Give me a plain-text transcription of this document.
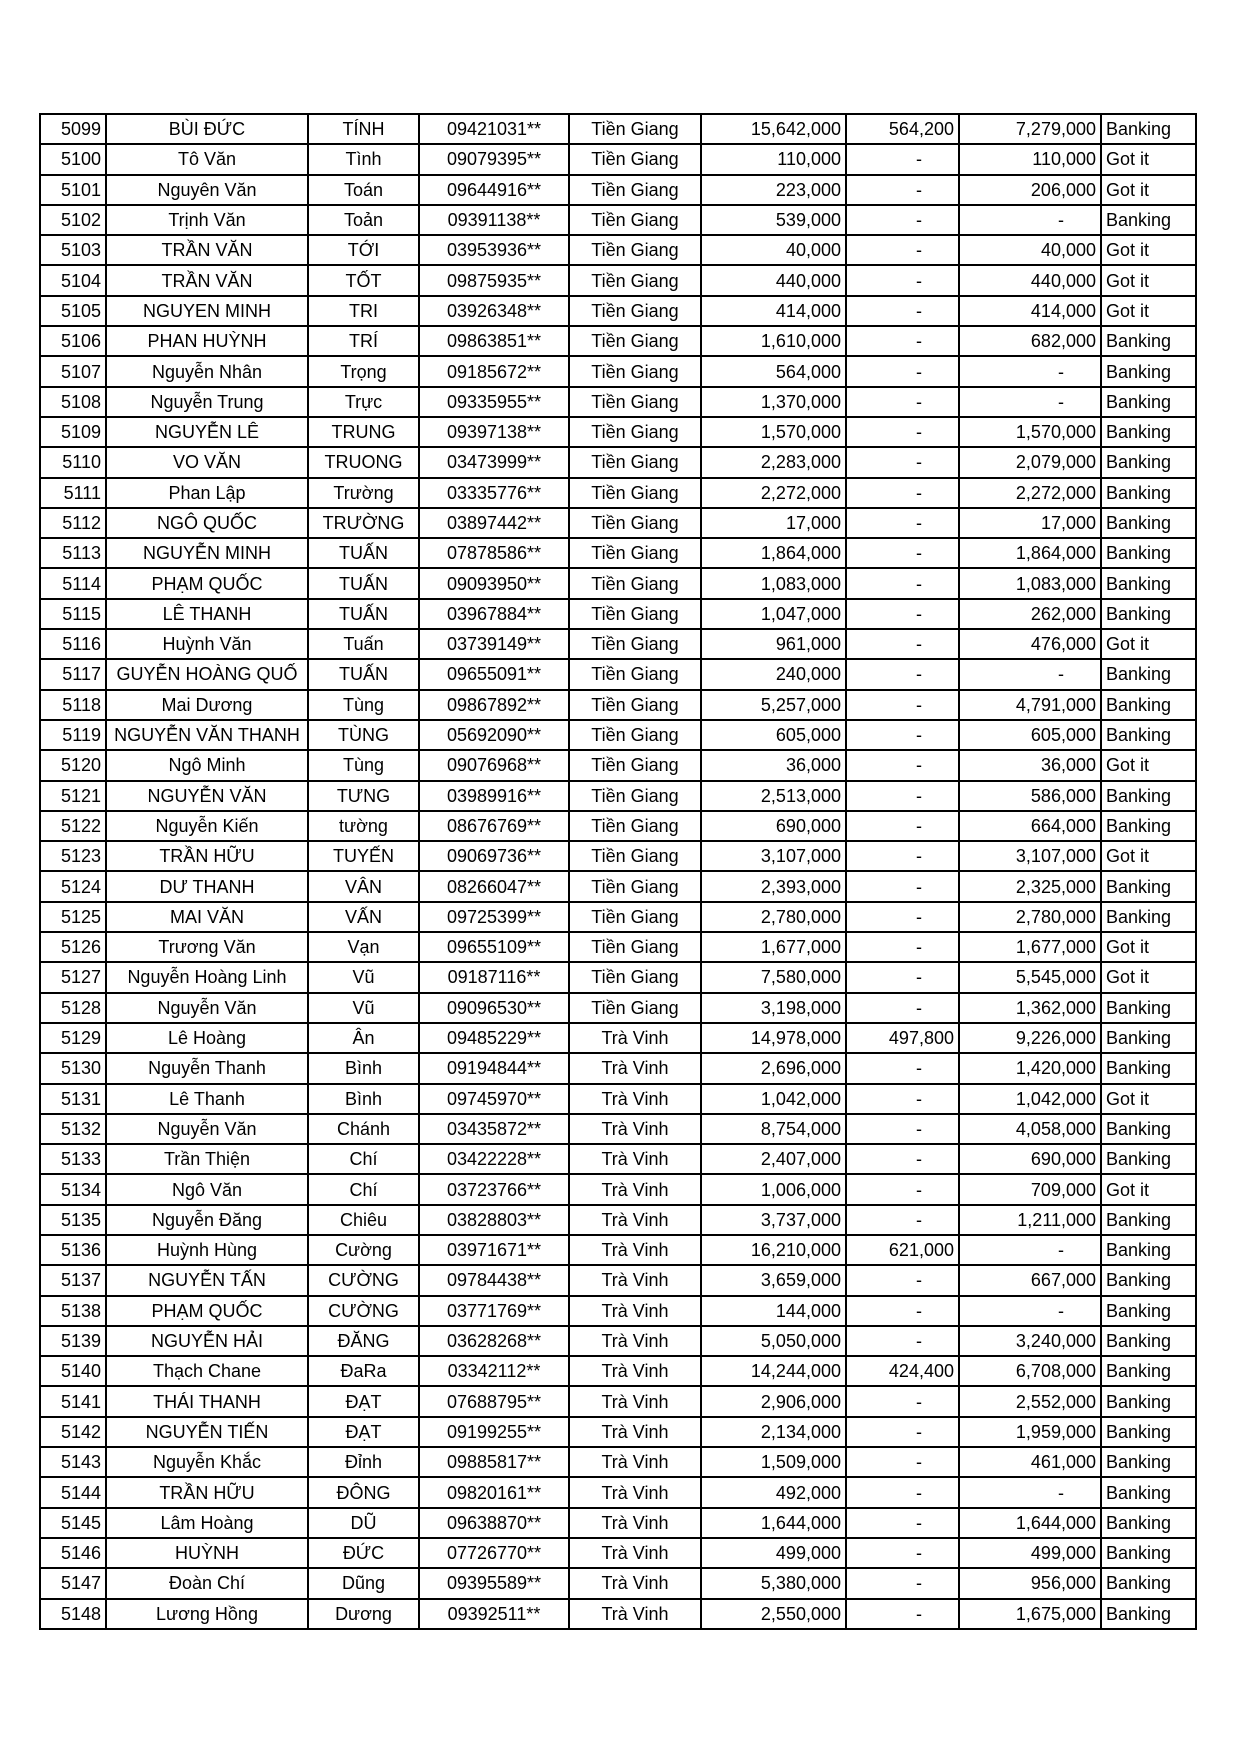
5099	BÙI ĐỨC	TÍNH	09421031**	Tiền Giang	15,642,000	564,200	7,279,000	Banking
5100	Tô Văn	Tình	09079395**	Tiền Giang	110,000	-	110,000	Got it
5101	Nguyên Văn	Toán	09644916**	Tiền Giang	223,000	-	206,000	Got it
5102	Trịnh Văn	Toản	09391138**	Tiền Giang	539,000	-	-	Banking
5103	TRẦN VĂN	TỚI	03953936**	Tiền Giang	40,000	-	40,000	Got it
5104	TRẦN VĂN	TỐT	09875935**	Tiền Giang	440,000	-	440,000	Got it
5105	NGUYEN MINH	TRI	03926348**	Tiền Giang	414,000	-	414,000	Got it
5106	PHAN HUỲNH	TRÍ	09863851**	Tiền Giang	1,610,000	-	682,000	Banking
5107	Nguyễn Nhân	Trọng	09185672**	Tiền Giang	564,000	-	-	Banking
5108	Nguyễn Trung	Trực	09335955**	Tiền Giang	1,370,000	-	-	Banking
5109	NGUYỄN LÊ	TRUNG	09397138**	Tiền Giang	1,570,000	-	1,570,000	Banking
5110	VO VĂN	TRUONG	03473999**	Tiền Giang	2,283,000	-	2,079,000	Banking
5111	Phan Lập	Trường	03335776**	Tiền Giang	2,272,000	-	2,272,000	Banking
5112	NGÔ QUỐC	TRƯỜNG	03897442**	Tiền Giang	17,000	-	17,000	Banking
5113	NGUYỄN MINH	TUẤN	07878586**	Tiền Giang	1,864,000	-	1,864,000	Banking
5114	PHẠM QUỐC	TUẤN	09093950**	Tiền Giang	1,083,000	-	1,083,000	Banking
5115	LÊ THANH	TUẤN	03967884**	Tiền Giang	1,047,000	-	262,000	Banking
5116	Huỳnh Văn	Tuấn	03739149**	Tiền Giang	961,000	-	476,000	Got it
5117	GUYỄN HOÀNG QUỐ	TUẤN	09655091**	Tiền Giang	240,000	-	-	Banking
5118	Mai Dương	Tùng	09867892**	Tiền Giang	5,257,000	-	4,791,000	Banking
5119	NGUYỄN VĂN THANH	TÙNG	05692090**	Tiền Giang	605,000	-	605,000	Banking
5120	Ngô Minh	Tùng	09076968**	Tiền Giang	36,000	-	36,000	Got it
5121	NGUYỄN VĂN	TƯNG	03989916**	Tiền Giang	2,513,000	-	586,000	Banking
5122	Nguyễn Kiến	tường	08676769**	Tiền Giang	690,000	-	664,000	Banking
5123	TRẦN HỮU	TUYẾN	09069736**	Tiền Giang	3,107,000	-	3,107,000	Got it
5124	DƯ THANH	VÂN	08266047**	Tiền Giang	2,393,000	-	2,325,000	Banking
5125	MAI VĂN	VẤN	09725399**	Tiền Giang	2,780,000	-	2,780,000	Banking
5126	Trương Văn	Vạn	09655109**	Tiền Giang	1,677,000	-	1,677,000	Got it
5127	Nguyễn Hoàng Linh	Vũ	09187116**	Tiền Giang	7,580,000	-	5,545,000	Got it
5128	Nguyễn Văn	Vũ	09096530**	Tiền Giang	3,198,000	-	1,362,000	Banking
5129	Lê Hoàng	Ân	09485229**	Trà Vinh	14,978,000	497,800	9,226,000	Banking
5130	Nguyễn Thanh	Bình	09194844**	Trà Vinh	2,696,000	-	1,420,000	Banking
5131	Lê Thanh	Bình	09745970**	Trà Vinh	1,042,000	-	1,042,000	Got it
5132	Nguyễn Văn	Chánh	03435872**	Trà Vinh	8,754,000	-	4,058,000	Banking
5133	Trần Thiện	Chí	03422228**	Trà Vinh	2,407,000	-	690,000	Banking
5134	Ngô Văn	Chí	03723766**	Trà Vinh	1,006,000	-	709,000	Got it
5135	Nguyễn Đăng	Chiêu	03828803**	Trà Vinh	3,737,000	-	1,211,000	Banking
5136	Huỳnh Hùng	Cường	03971671**	Trà Vinh	16,210,000	621,000	-	Banking
5137	NGUYỄN TẤN	CƯỜNG	09784438**	Trà Vinh	3,659,000	-	667,000	Banking
5138	PHẠM QUỐC	CƯỜNG	03771769**	Trà Vinh	144,000	-	-	Banking
5139	NGUYỄN HẢI	ĐĂNG	03628268**	Trà Vinh	5,050,000	-	3,240,000	Banking
5140	Thạch Chane	ĐaRa	03342112**	Trà Vinh	14,244,000	424,400	6,708,000	Banking
5141	THÁI THANH	ĐẠT	07688795**	Trà Vinh	2,906,000	-	2,552,000	Banking
5142	NGUYỄN TIẾN	ĐẠT	09199255**	Trà Vinh	2,134,000	-	1,959,000	Banking
5143	Nguyễn Khắc	Đỉnh	09885817**	Trà Vinh	1,509,000	-	461,000	Banking
5144	TRẦN HỮU	ĐÔNG	09820161**	Trà Vinh	492,000	-	-	Banking
5145	Lâm Hoàng	DŨ	09638870**	Trà Vinh	1,644,000	-	1,644,000	Banking
5146	HUỲNH	ĐỨC	07726770**	Trà Vinh	499,000	-	499,000	Banking
5147	Đoàn Chí	Dũng	09395589**	Trà Vinh	5,380,000	-	956,000	Banking
5148	Lương Hồng	Dương	09392511**	Trà Vinh	2,550,000	-	1,675,000	Banking
